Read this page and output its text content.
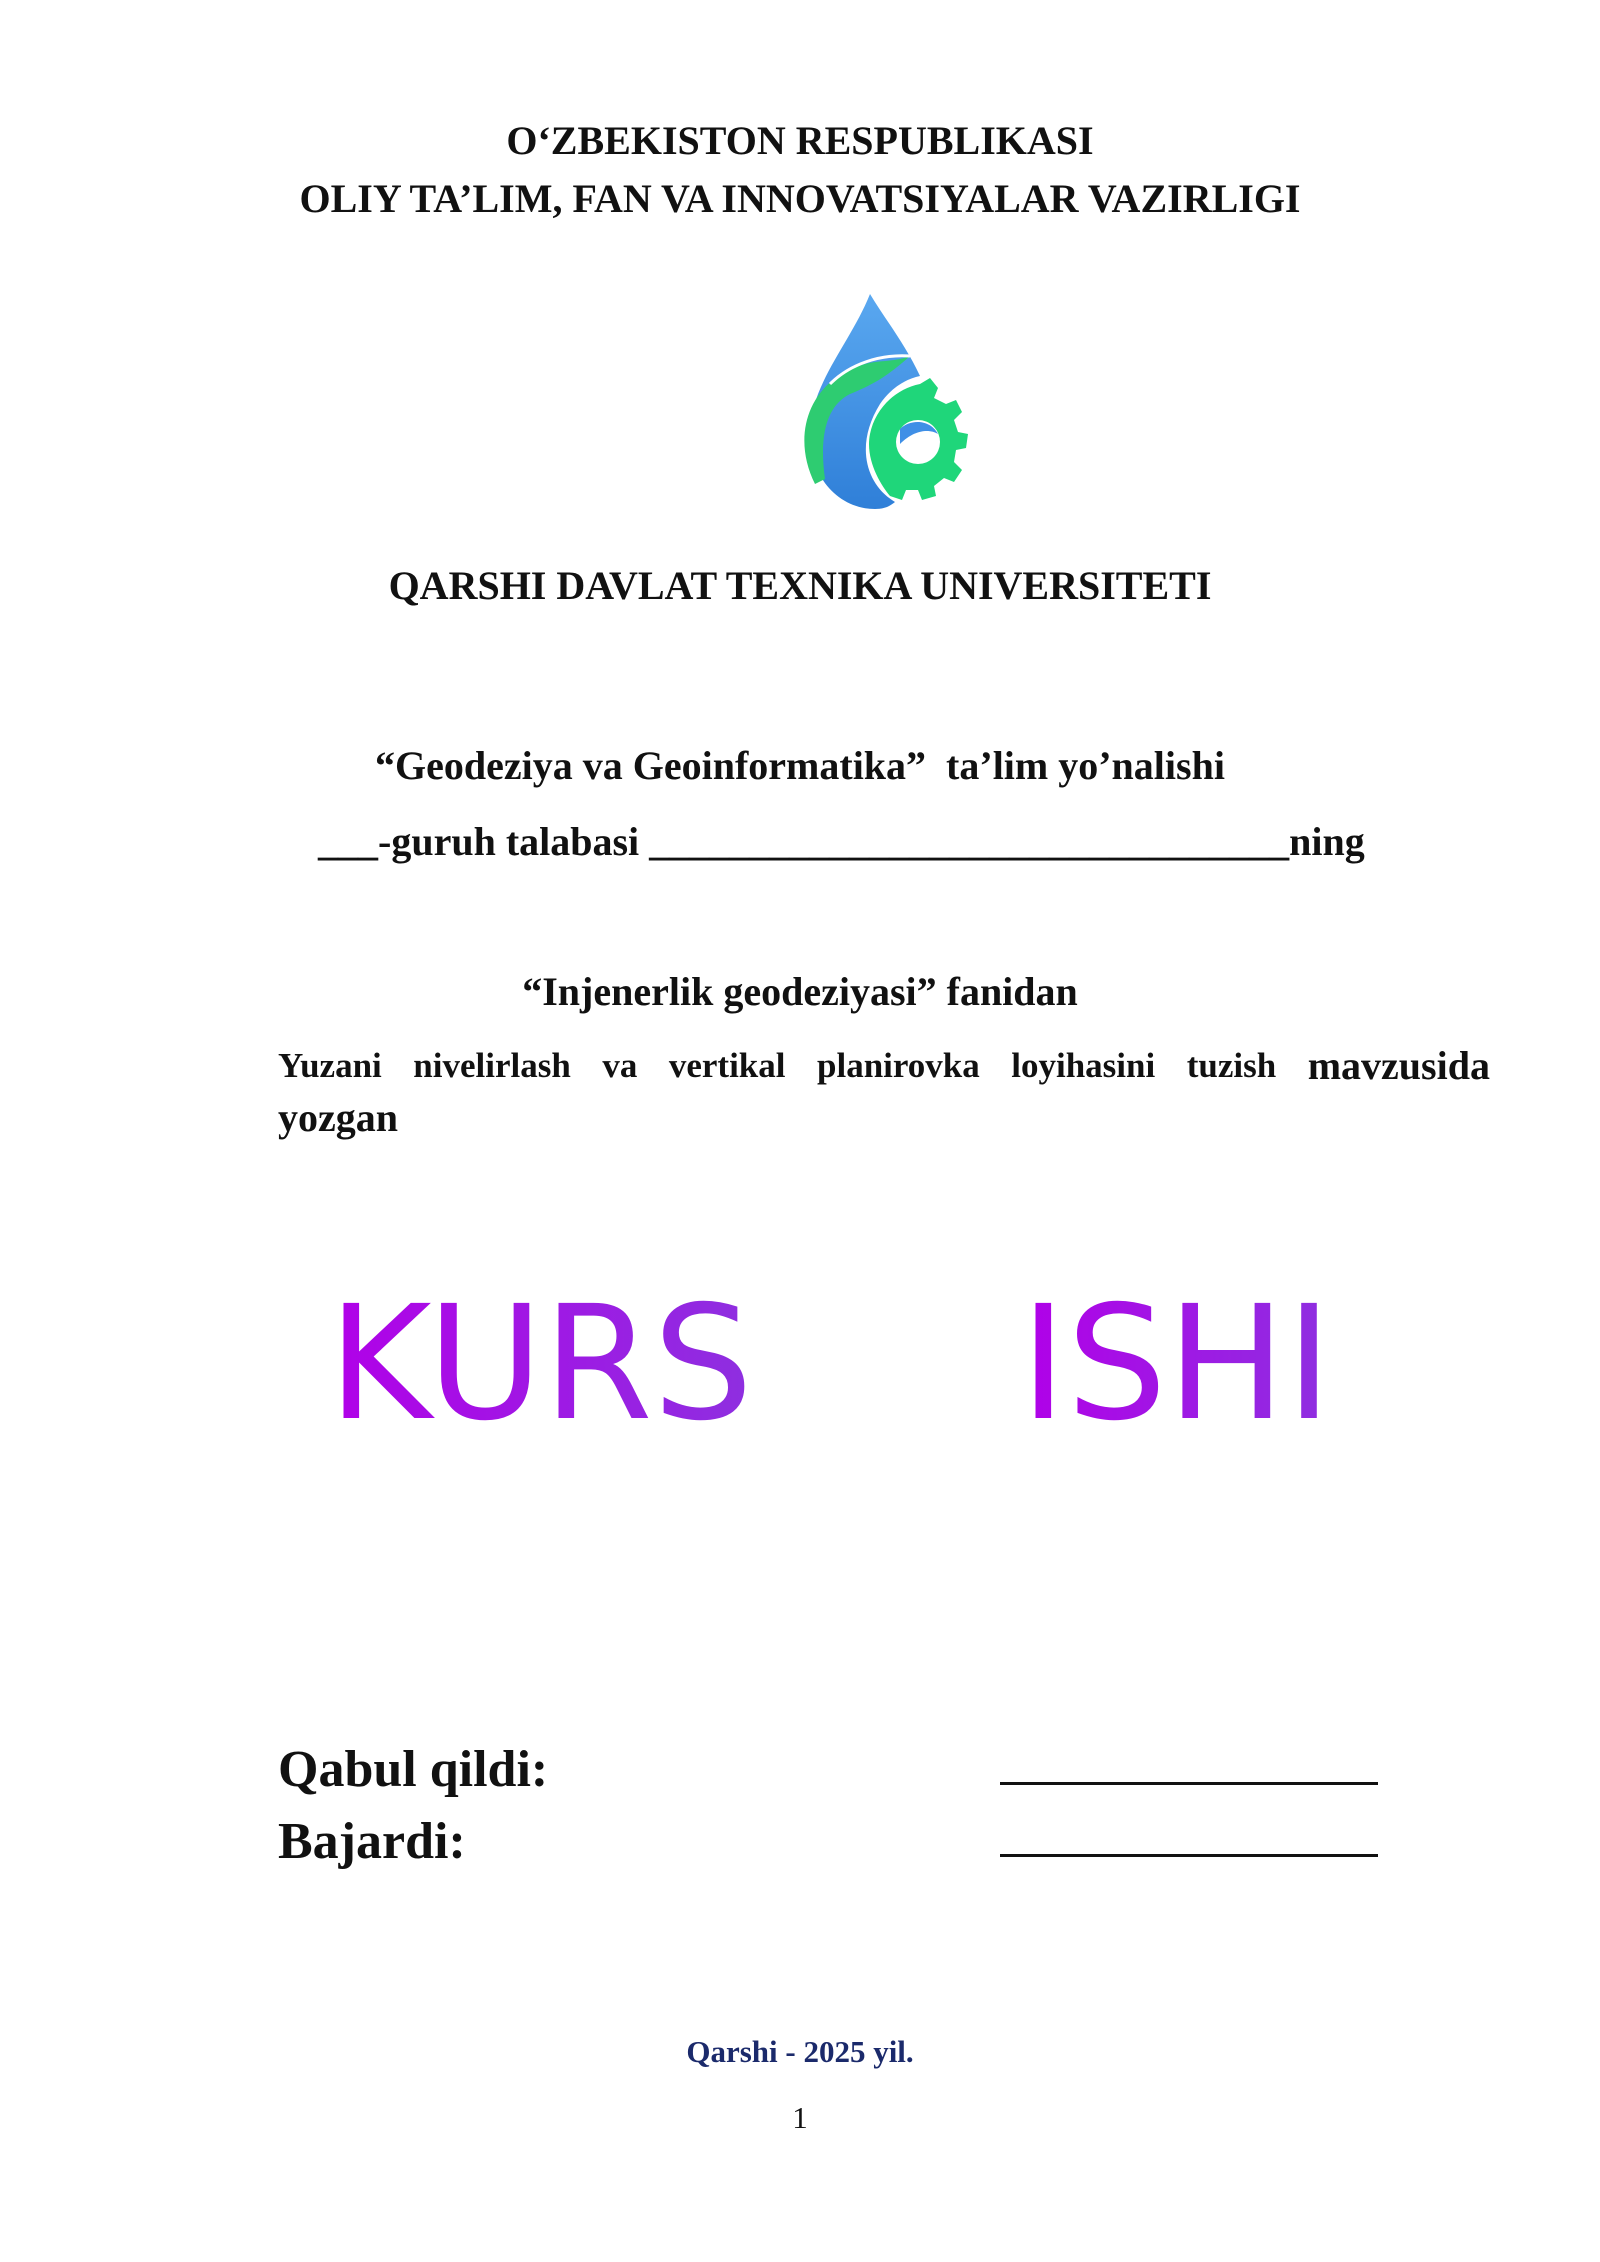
O‘ZBEKISTON RESPUBLIKASI
OLIY TA’LIM, FAN VA INNOVATSIYALAR VAZIRLIGI
QARSHI DAVLAT TEXNIKA UNIVERSITETI
“Geodeziya va Geoinformatika”  ta’lim yo’nalishi
___-guruh talabasi ________________________________ning
“Injenerlik geodeziyasi” fanidan
Yuzani nivelirlash va vertikal planirovka loyihasini tuzish mavzusida
yozgan
KURS ISHI
Qabul qildi:
Bajardi:
Qarshi - 2025 yil.
1
